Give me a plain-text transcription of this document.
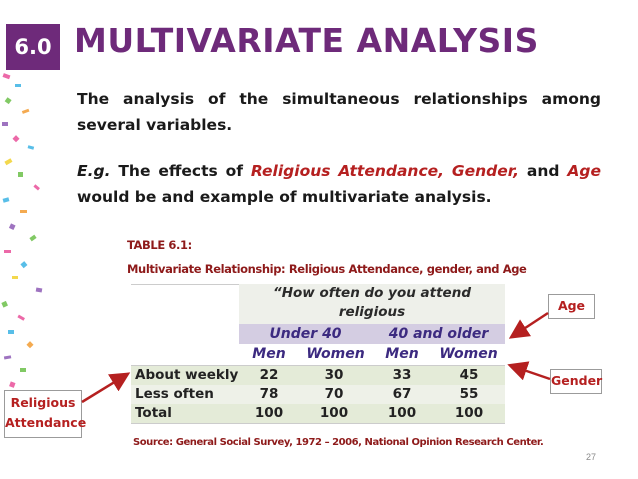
6.0 MULTIVARIATE ANALYSIS
The analysis of the simultaneous relationships among several variables.
E.g. The effects of Religious Attendance, Gender, and Age would be and example of multivariate analysis.
TABLE 6.1:
Multivariate Relationship: Religious Attendance, gender, and Age
“How often do you attend religious
Under 40	40 and older
Men	Women	Men	Women
About weekly	22	30	33	45
Less often	78	70	67	55
Total	100	100	100	100
Source: General Social Survey, 1972 – 2006, National Opinion Research Center.
Age
Gender
Religious
Attendance
27
